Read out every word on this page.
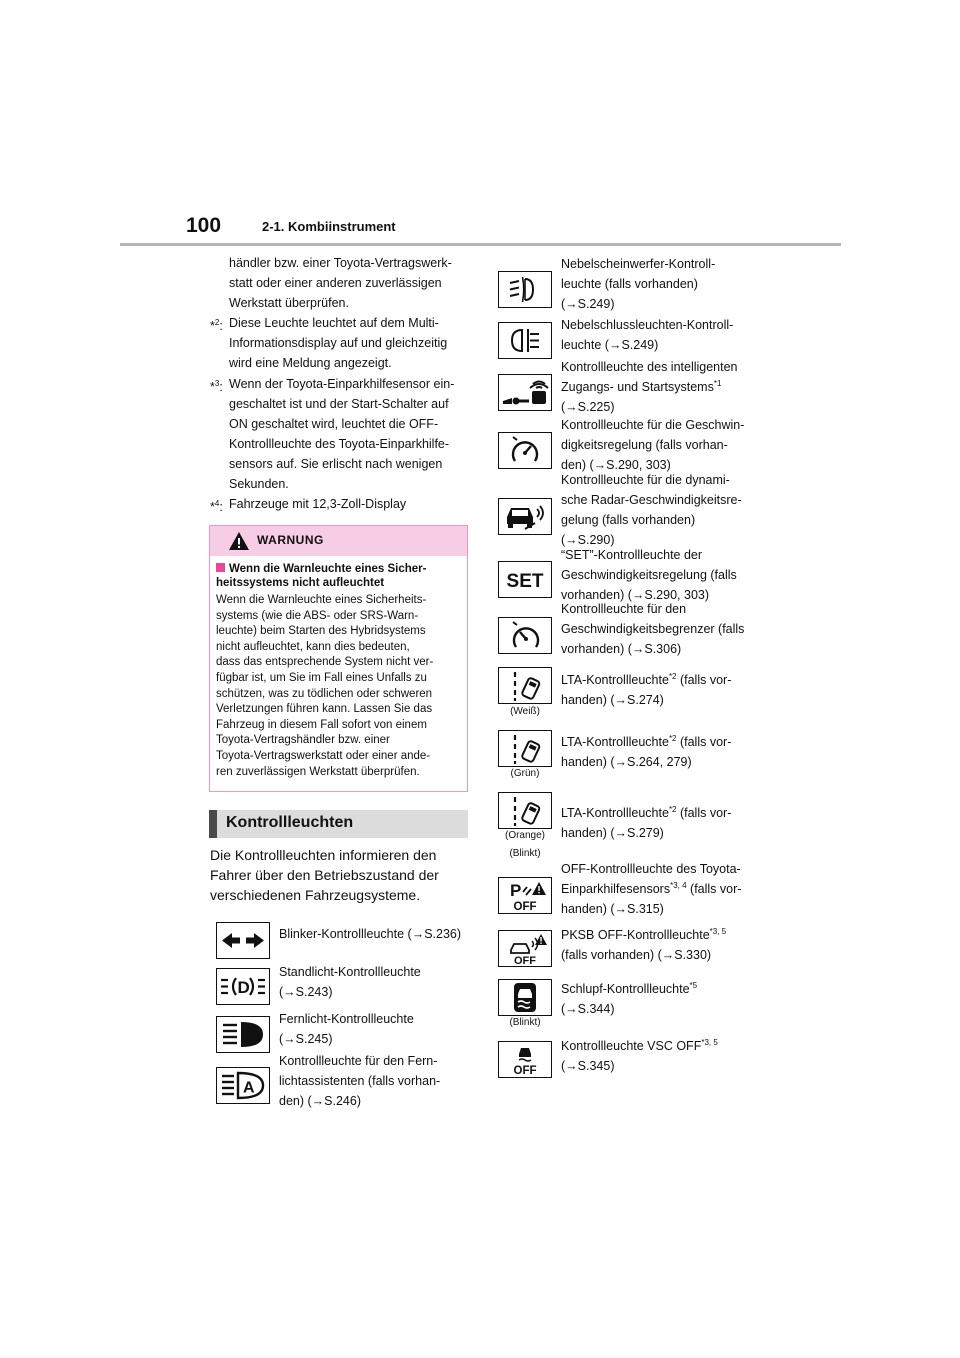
100	2-1. Kombiinstrument
händler bzw. einer Toyota-Vertragswerk-
statt oder einer anderen zuverlässigen
Werkstatt überprüfen.
*$^2$: Diese Leuchte leuchtet auf dem Multi-
Informationsdisplay auf und gleichzeitig
wird eine Meldung angezeigt.
*$^3$: Wenn der Toyota-Einparkhilfesensor ein-
geschaltet ist und der Start-Schalter auf
ON geschaltet wird, leuchtet die OFF-
Kontrollleuchte des Toyota-Einparkhilfe-
sensors auf. Sie erlischt nach wenigen
Sekunden.
*$^4$: Fahrzeuge mit 12,3-Zoll-Display
WARNUNG
Wenn die Warnleuchte eines Sicher-heitssystems nicht aufleuchtet
Wenn die Warnleuchte eines Sicherheits-
systems (wie die ABS- oder SRS-Warn-
leuchte) beim Starten des Hybridsystems
nicht aufleuchtet, kann dies bedeuten,
dass das entsprechende System nicht ver-
fügbar ist, um Sie im Fall eines Unfalls zu
schützen, was zu tödlichen oder schweren
Verletzungen führen kann. Lassen Sie das
Fahrzeug in diesem Fall sofort von einem
Toyota-Vertragshändler bzw. einer
Toyota-Vertragswerkstatt oder einer ande-
ren zuverlässigen Werkstatt überprüfen.
Kontrollleuchten
Die Kontrollleuchten informieren den
Fahrer über den Betriebszustand der
verschiedenen Fahrzeugsysteme.
Blinker-Kontrollleuchte (→S.236)
D
Standlicht-Kontrollleuchte
(→S.243)
Fernlicht-Kontrollleuchte
(→S.245)
A
Kontrollleuchte für den Fern-
lichtassistenten (falls vorhan-
den) (→S.246)
Nebelscheinwerfer-Kontroll-
leuchte (falls vorhanden)
(→S.249)
Nebelschlussleuchten-Kontroll-
leuchte (→S.249)
Kontrollleuchte des intelligenten
Zugangs- und Startsystems$^{*1}$
(→S.225)
Kontrollleuchte für die Geschwin-
digkeitsregelung (falls vorhan-
den) (→S.290, 303)
Kontrollleuchte für die dynami-
sche Radar-Geschwindigkeitsre-
gelung (falls vorhanden)
(→S.290)
SET
“SET”-Kontrollleuchte der
Geschwindigkeitsregelung (falls
vorhanden) (→S.290, 303)
Kontrollleuchte für den
Geschwindigkeitsbegrenzer (falls
vorhanden) (→S.306)
(Weiß)
LTA-Kontrollleuchte$^{*2}$ (falls vor-
handen) (→S.274)
(Grün)
LTA-Kontrollleuchte$^{*2}$ (falls vor-
handen) (→S.264, 279)
(Orange)
(Blinkt)
LTA-Kontrollleuchte$^{*2}$ (falls vor-
handen) (→S.279)
P
OFF
OFF-Kontrollleuchte des Toyota-
Einparkhilfesensors$^{*3, 4}$ (falls vor-
handen) (→S.315)
OFF
PKSB OFF-Kontrollleuchte$^{*3, 5}$
(falls vorhanden) (→S.330)
(Blinkt)
Schlupf-Kontrollleuchte$^{*5}$
(→S.344)
OFF
Kontrollleuchte VSC OFF$^{*3, 5}$
(→S.345)
